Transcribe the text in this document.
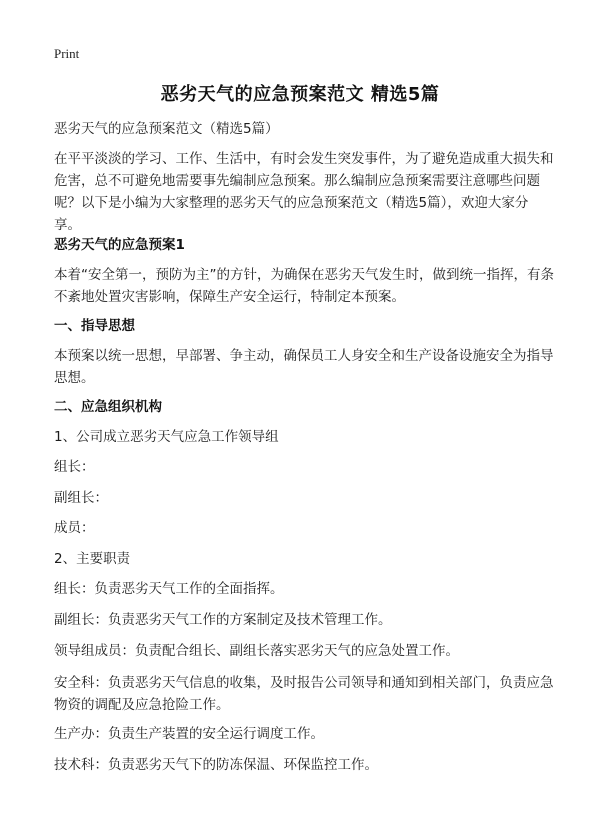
Print
恶劣天气的应急预案范文 精选5篇

恶劣天气的应急预案范文（精选5篇）

在平平淡淡的学习、工作、生活中，有时会发生突发事件，为了避免造成重大损失和危害，总不可避免地需要事先编制应急预案。那么编制应急预案需要注意哪些问题呢？以下是小编为大家整理的恶劣天气的应急预案范文（精选5篇），欢迎大家分享。

恶劣天气的应急预案1

本着“安全第一，预防为主”的方针，为确保在恶劣天气发生时，做到统一指挥，有条不紊地处置灾害影响，保障生产安全运行，特制定本预案。

一、指导思想

本预案以统一思想，早部署、争主动，确保员工人身安全和生产设备设施安全为指导思想。

二、应急组织机构

1、公司成立恶劣天气应急工作领导组

组长：

副组长：

成员：

2、主要职责

组长：负责恶劣天气工作的全面指挥。

副组长：负责恶劣天气工作的方案制定及技术管理工作。

领导组成员：负责配合组长、副组长落实恶劣天气的应急处置工作。

安全科：负责恶劣天气信息的收集，及时报告公司领导和通知到相关部门，负责应急物资的调配及应急抢险工作。

生产办：负责生产装置的安全运行调度工作。

技术科：负责恶劣天气下的防冻保温、环保监控工作。
